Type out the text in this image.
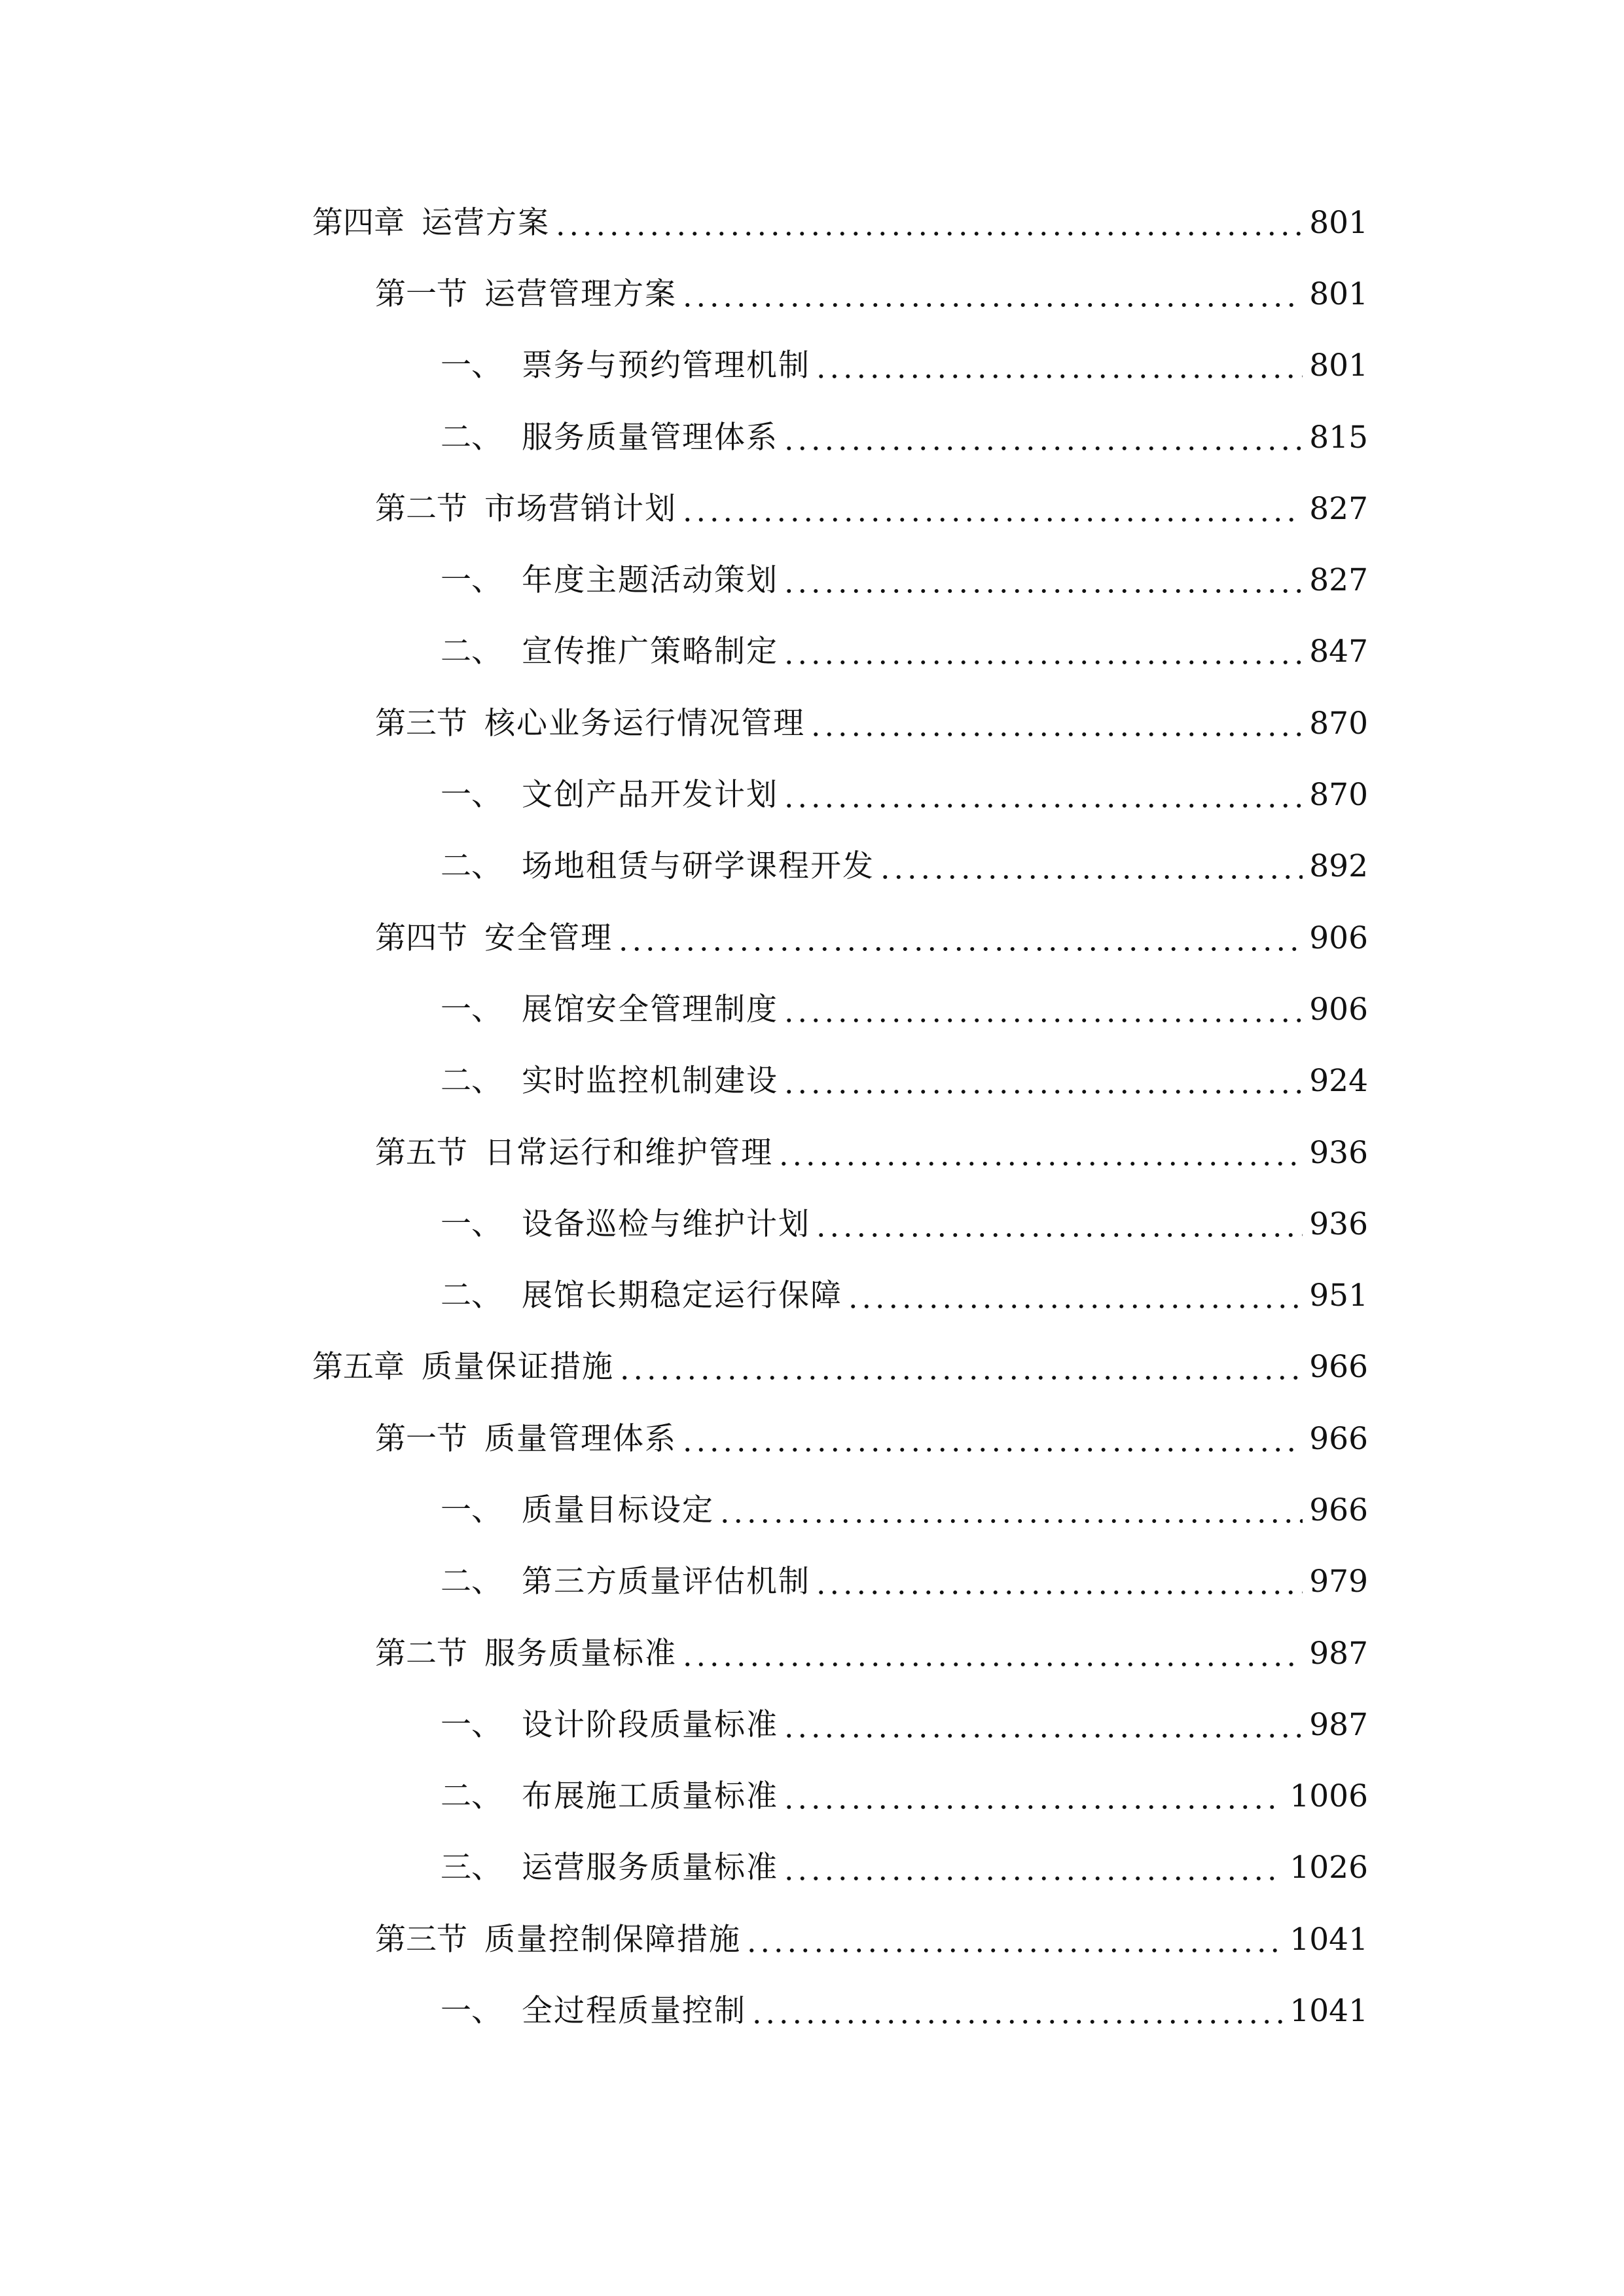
第四章 运营方案	801
第一节 运营管理方案	801
一、 票务与预约管理机制	801
二、 服务质量管理体系	815
第二节 市场营销计划	827
一、 年度主题活动策划	827
二、 宣传推广策略制定	847
第三节 核心业务运行情况管理	870
一、 文创产品开发计划	870
二、 场地租赁与研学课程开发	892
第四节 安全管理	906
一、 展馆安全管理制度	906
二、 实时监控机制建设	924
第五节 日常运行和维护管理	936
一、 设备巡检与维护计划	936
二、 展馆长期稳定运行保障	951
第五章 质量保证措施	966
第一节 质量管理体系	966
一、 质量目标设定	966
二、 第三方质量评估机制	979
第二节 服务质量标准	987
一、 设计阶段质量标准	987
二、 布展施工质量标准	1006
三、 运营服务质量标准	1026
第三节 质量控制保障措施	1041
一、 全过程质量控制	1041
